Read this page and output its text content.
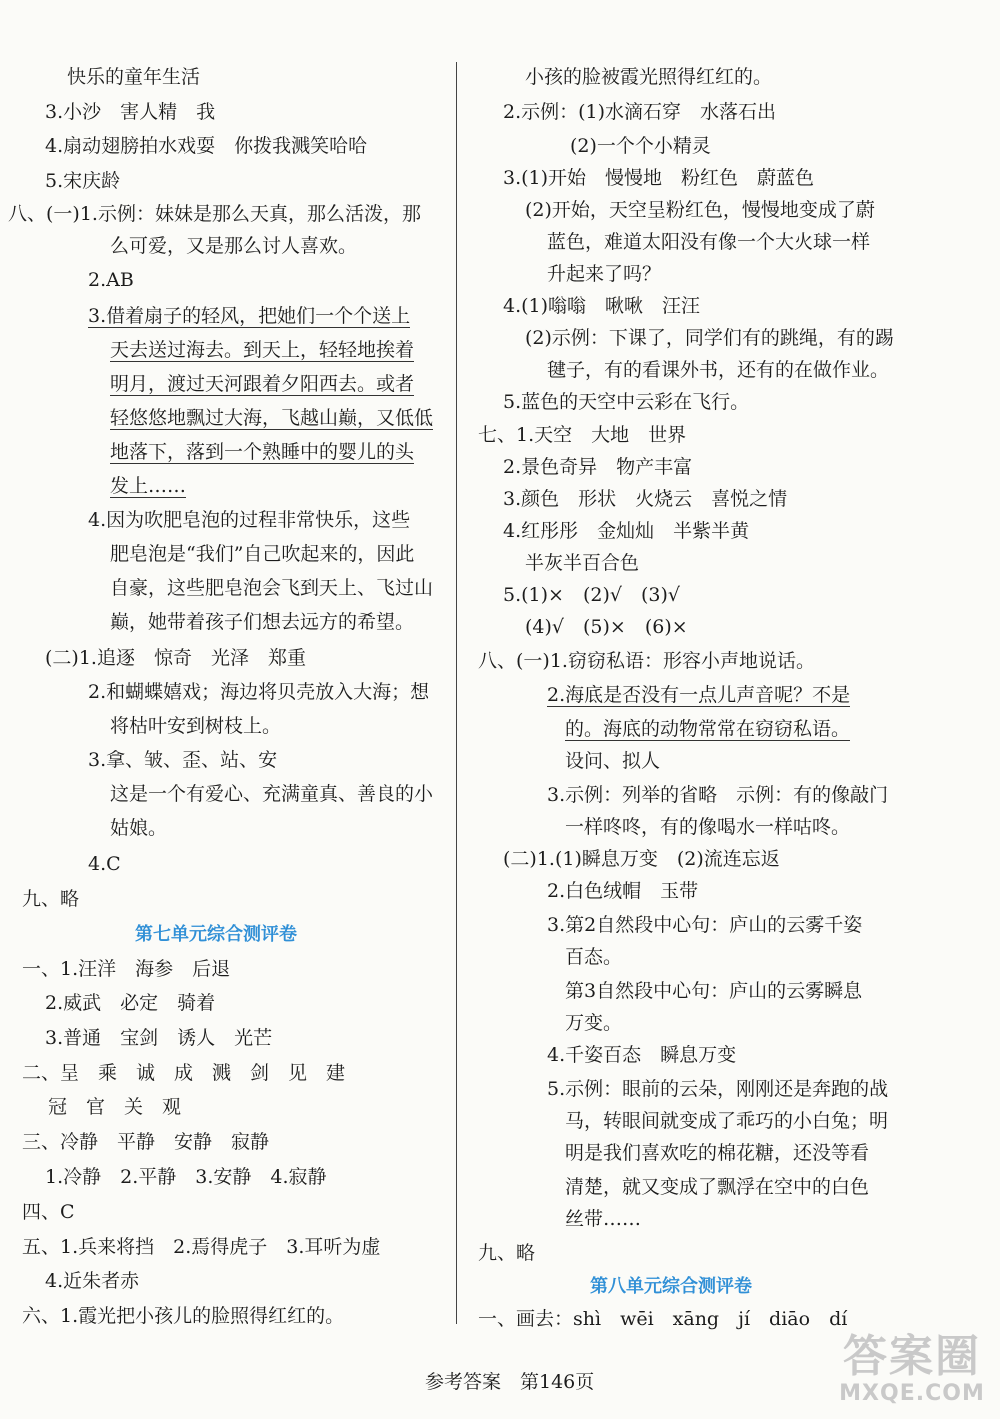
快乐的童年生活
3.小沙　害人精　我
4.扇动翅膀拍水戏耍　你拨我溅笑哈哈
5.宋庆龄
八、(一)1.示例：妹妹是那么天真，那么活泼，那
么可爱，又是那么讨人喜欢。
2.AB
3.借着扇子的轻风，把她们一个个送上
天去送过海去。到天上，轻轻地挨着
明月，渡过天河跟着夕阳西去。或者
轻悠悠地飘过大海，飞越山巅，又低低
地落下，落到一个熟睡中的婴儿的头
发上……
4.因为吹肥皂泡的过程非常快乐，这些
肥皂泡是“我们”自己吹起来的，因此
自豪，这些肥皂泡会飞到天上、飞过山
巅，她带着孩子们想去远方的希望。
(二)1.追逐　惊奇　光泽　郑重
2.和蝴蝶嬉戏；海边将贝壳放入大海；想
将枯叶安到树枝上。
3.拿、皱、歪、站、安
这是一个有爱心、充满童真、善良的小
姑娘。
4.C
九、略
第七单元综合测评卷
一、1.汪洋　海参　后退
2.威武　必定　骑着
3.普通　宝剑　诱人　光芒
二、呈　乘　诚　成　溅　剑　见　建
冠　官　关　观
三、冷静　平静　安静　寂静
1.冷静　2.平静　3.安静　4.寂静
四、C
五、1.兵来将挡　2.焉得虎子　3.耳听为虚
4.近朱者赤
六、1.霞光把小孩儿的脸照得红红的。
小孩的脸被霞光照得红红的。
2.示例：(1)水滴石穿　水落石出
(2)一个个小精灵
3.(1)开始　慢慢地　粉红色　蔚蓝色
(2)开始，天空呈粉红色，慢慢地变成了蔚
蓝色，难道太阳没有像一个大火球一样
升起来了吗？
4.(1)嗡嗡　啾啾　汪汪
(2)示例：下课了，同学们有的跳绳，有的踢
毽子，有的看课外书，还有的在做作业。
5.蓝色的天空中云彩在飞行。
七、1.天空　大地　世界
2.景色奇异　物产丰富
3.颜色　形状　火烧云　喜悦之情
4.红彤彤　金灿灿　半紫半黄
半灰半百合色
5.(1)×　(2)√　(3)√
(4)√　(5)×　(6)×
八、(一)1.窃窃私语：形容小声地说话。
2.海底是否没有一点儿声音呢？不是
的。海底的动物常常在窃窃私语。
设问、拟人
3.示例：列举的省略　示例：有的像敲门
一样咚咚，有的像喝水一样咕咚。
(二)1.(1)瞬息万变　(2)流连忘返
2.白色绒帽　玉带
3.第2自然段中心句：庐山的云雾千姿
百态。
第3自然段中心句：庐山的云雾瞬息
万变。
4.千姿百态　瞬息万变
5.示例：眼前的云朵，刚刚还是奔跑的战
马，转眼间就变成了乖巧的小白兔；明
明是我们喜欢吃的棉花糖，还没等看
清楚，就又变成了飘浮在空中的白色
丝带……
九、略
第八单元综合测评卷
一、画去：shì　wēi　xāng　jí　diāo　dí
参考答案　第146页	答案圈
MXQE.COM
